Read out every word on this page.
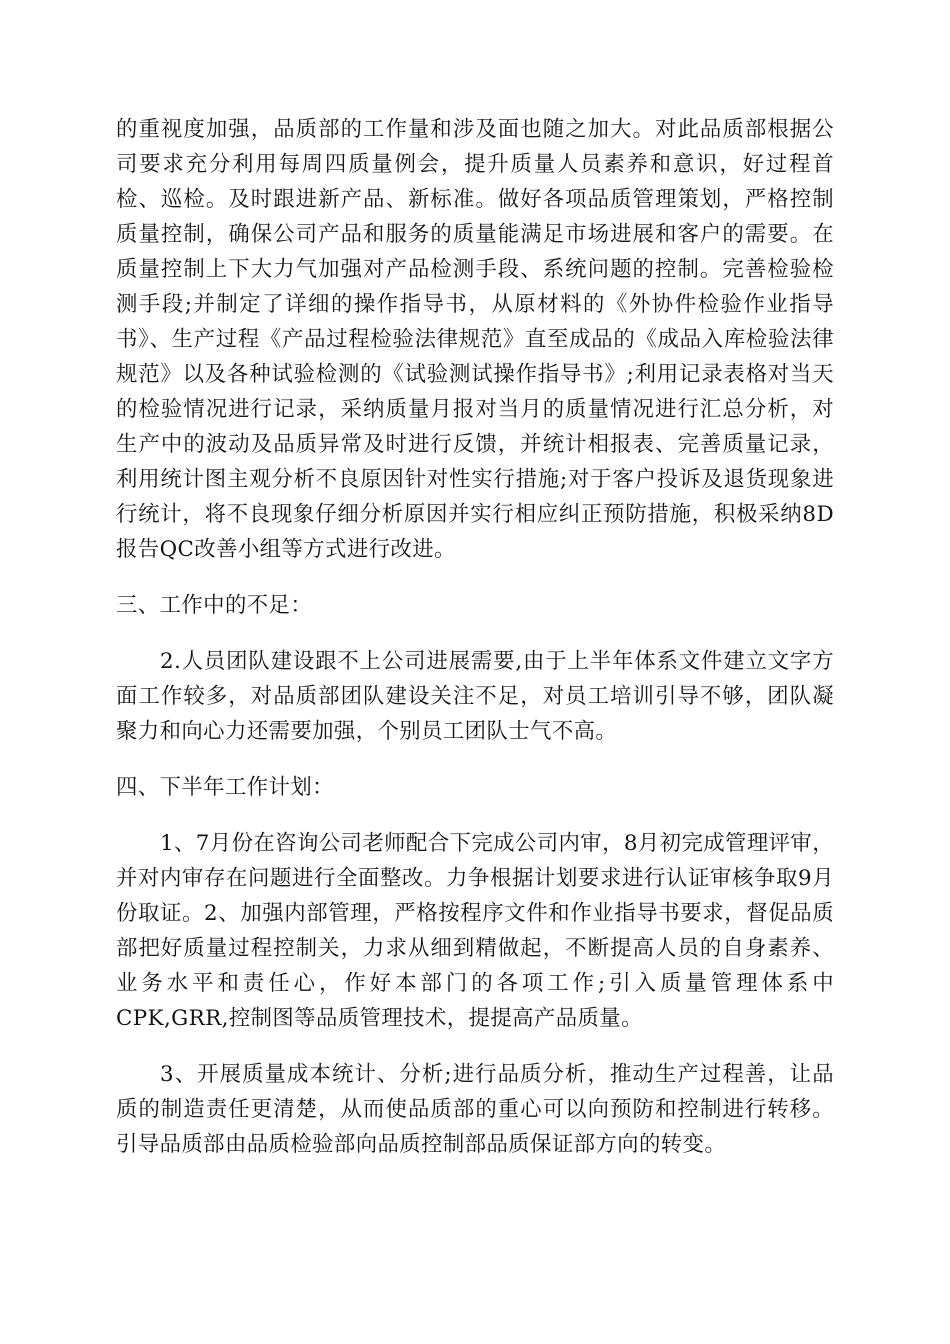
的重视度加强，品质部的工作量和涉及面也随之加大。对此品质部根据公司要求充分利用每周四质量例会，提升质量人员素养和意识，好过程首检、巡检。及时跟进新产品、新标准。做好各项品质管理策划，严格控制质量控制，确保公司产品和服务的质量能满足市场进展和客户的需要。在质量控制上下大力气加强对产品检测手段、系统问题的控制。完善检验检测手段;并制定了详细的操作指导书，从原材料的《外协件检验作业指导书》、生产过程《产品过程检验法律规范》直至成品的《成品入库检验法律规范》以及各种试验检测的《试验测试操作指导书》;利用记录表格对当天的检验情况进行记录，采纳质量月报对当月的质量情况进行汇总分析，对生产中的波动及品质异常及时进行反馈，并统计相报表、完善质量记录，利用统计图主观分析不良原因针对性实行措施;对于客户投诉及退货现象进行统计，将不良现象仔细分析原因并实行相应纠正预防措施，积极采纳8D报告QC改善小组等方式进行改进。

三、工作中的不足：

2.人员团队建设跟不上公司进展需要,由于上半年体系文件建立文字方面工作较多，对品质部团队建设关注不足，对员工培训引导不够，团队凝聚力和向心力还需要加强，个别员工团队士气不高。

四、下半年工作计划：

1、7月份在咨询公司老师配合下完成公司内审，8月初完成管理评审，并对内审存在问题进行全面整改。力争根据计划要求进行认证审核争取9月份取证。2、加强内部管理，严格按程序文件和作业指导书要求，督促品质部把好质量过程控制关，力求从细到精做起，不断提高人员的自身素养、业务水平和责任心，作好本部门的各项工作;引入质量管理体系中CPK,GRR,控制图等品质管理技术，提提高产品质量。

3、开展质量成本统计、分析;进行品质分析，推动生产过程善，让品质的制造责任更清楚，从而使品质部的重心可以向预防和控制进行转移。引导品质部由品质检验部向品质控制部品质保证部方向的转变。
